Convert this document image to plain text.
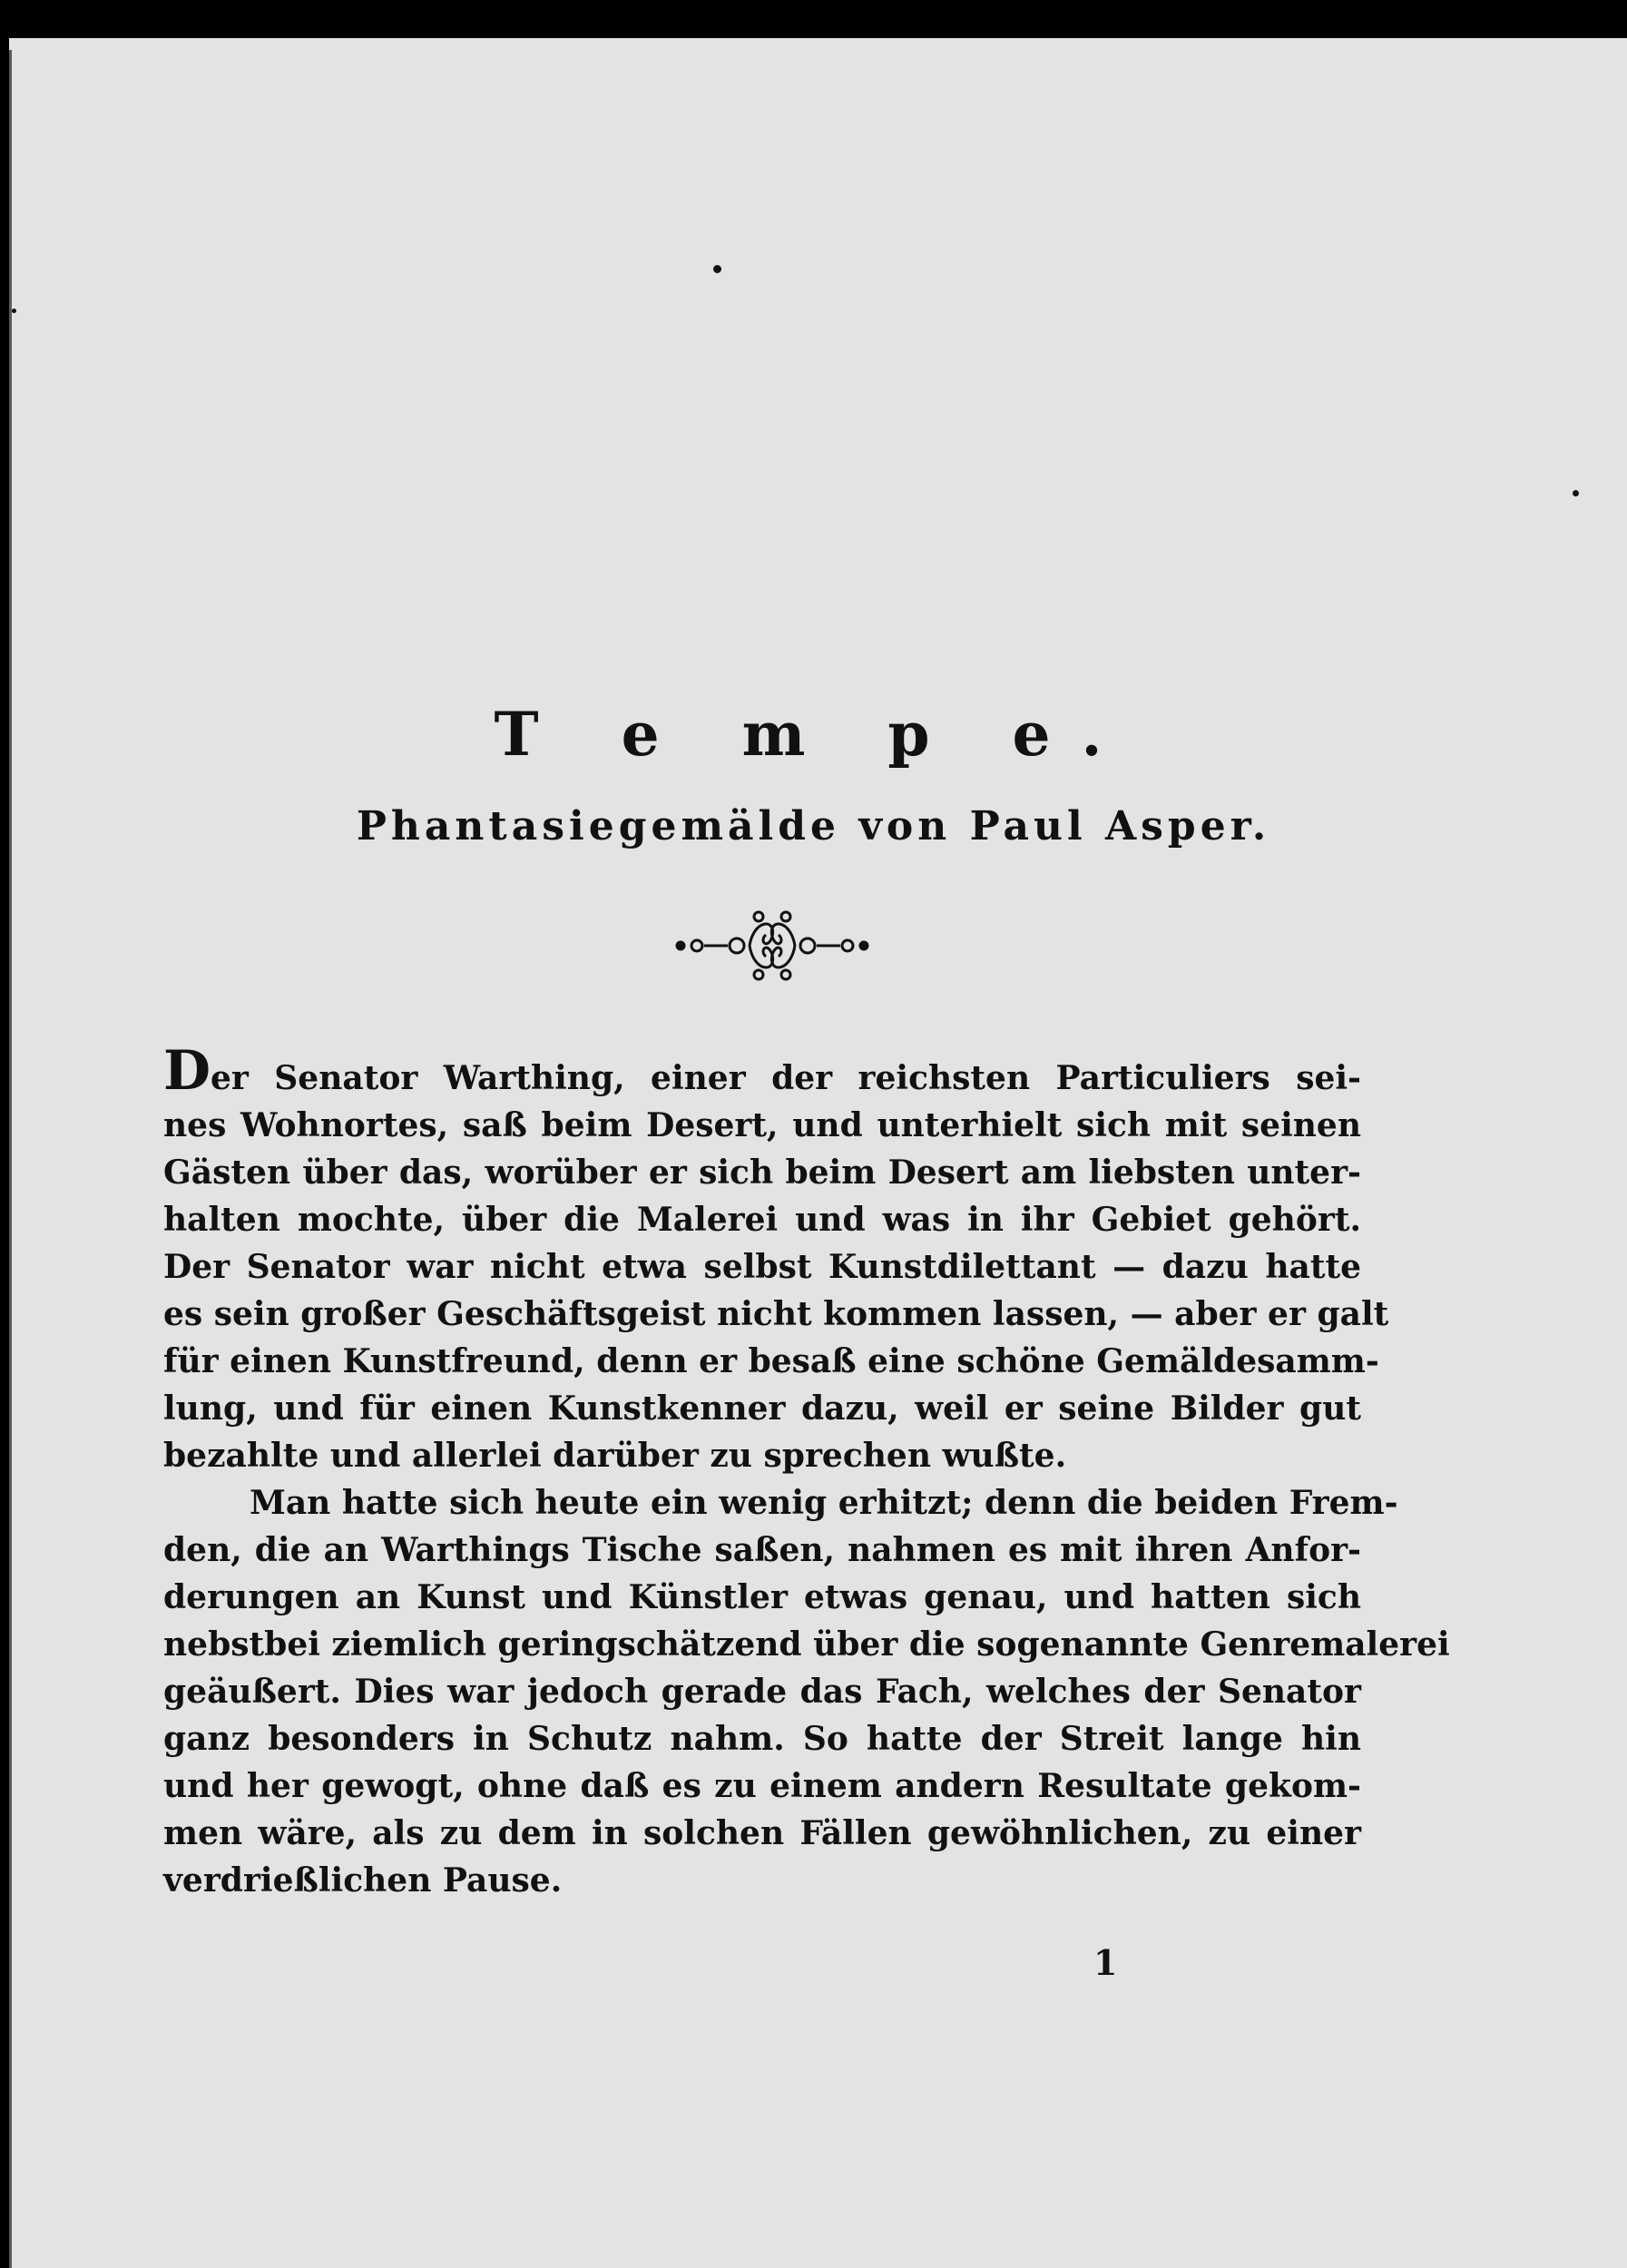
T e m p e.
Phantasiegemälde von Paul Asper.
Der Senator Warthing, einer der reichsten Particuliers sei-
nes Wohnortes, saß beim Desert, und unterhielt sich mit seinen
Gästen über das, worüber er sich beim Desert am liebsten unter-
halten mochte, über die Malerei und was in ihr Gebiet gehört.
Der Senator war nicht etwa selbst Kunstdilettant — dazu hatte
es sein großer Geschäftsgeist nicht kommen lassen, — aber er galt
für einen Kunstfreund, denn er besaß eine schöne Gemäldesamm-
lung, und für einen Kunstkenner dazu, weil er seine Bilder gut
bezahlte und allerlei darüber zu sprechen wußte.
Man hatte sich heute ein wenig erhitzt; denn die beiden Frem-
den, die an Warthings Tische saßen, nahmen es mit ihren Anfor-
derungen an Kunst und Künstler etwas genau, und hatten sich
nebstbei ziemlich geringschätzend über die sogenannte Genremalerei
geäußert. Dies war jedoch gerade das Fach, welches der Senator
ganz besonders in Schutz nahm. So hatte der Streit lange hin
und her gewogt, ohne daß es zu einem andern Resultate gekom-
men wäre, als zu dem in solchen Fällen gewöhnlichen, zu einer
verdrießlichen Pause.
1
